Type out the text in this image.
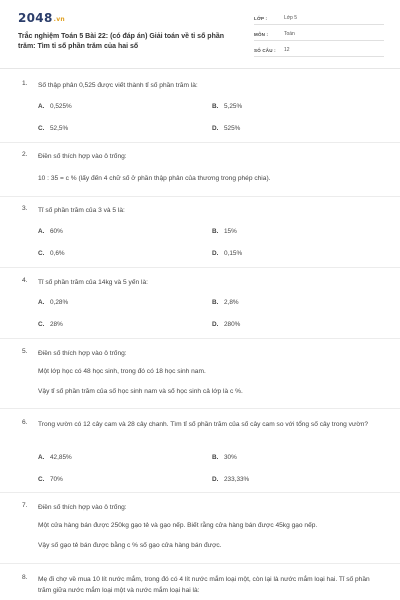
2048.vn
Trắc nghiệm Toán 5 Bài 22: (có đáp án) Giải toán về tỉ số phần trăm: Tìm tỉ số phần trăm của hai số
LỚP :	Lớp 5
MÔN :	Toán
SỐ CÂU :	12
1. Số thập phân 0,525 được viết thành tỉ số phần trăm là:
A. 0,525%	B. 5,25%
C. 52,5%	D. 525%
2. Điền số thích hợp vào ô trống:
10 : 35 = c % (lấy đến 4 chữ số ở phần thập phân của thương trong phép chia).
3. Tỉ số phần trăm của 3 và 5 là:
A. 60%	B. 15%
C. 0,6%	D. 0,15%
4. Tỉ số phần trăm của 14kg và 5 yến là:
A. 0,28%	B. 2,8%
C. 28%	D. 280%
5. Điền số thích hợp vào ô trống:
Một lớp học có 48 học sinh, trong đó có 18 học sinh nam.
Vậy tỉ số phần trăm của số học sinh nam và số học sinh cả lớp là c %.
6. Trong vườn có 12 cây cam và 28 cây chanh. Tìm tỉ số phần trăm của số cây cam so với tổng số cây trong vườn?
A. 42,85%	B. 30%
C. 70%	D. 233,33%
7. Điền số thích hợp vào ô trống:
Một cửa hàng bán được 250kg gạo tẻ và gạo nếp. Biết rằng cửa hàng bán được 45kg gạo nếp.
Vậy số gạo tẻ bán được bằng c % số gạo cửa hàng bán được.
8. Mẹ đi chợ về mua 10 lít nước mắm, trong đó có 4 lít nước mắm loại một, còn lại là nước mắm loại hai. Tỉ số phần trăm giữa nước mắm loại một và nước mắm loại hai là:
